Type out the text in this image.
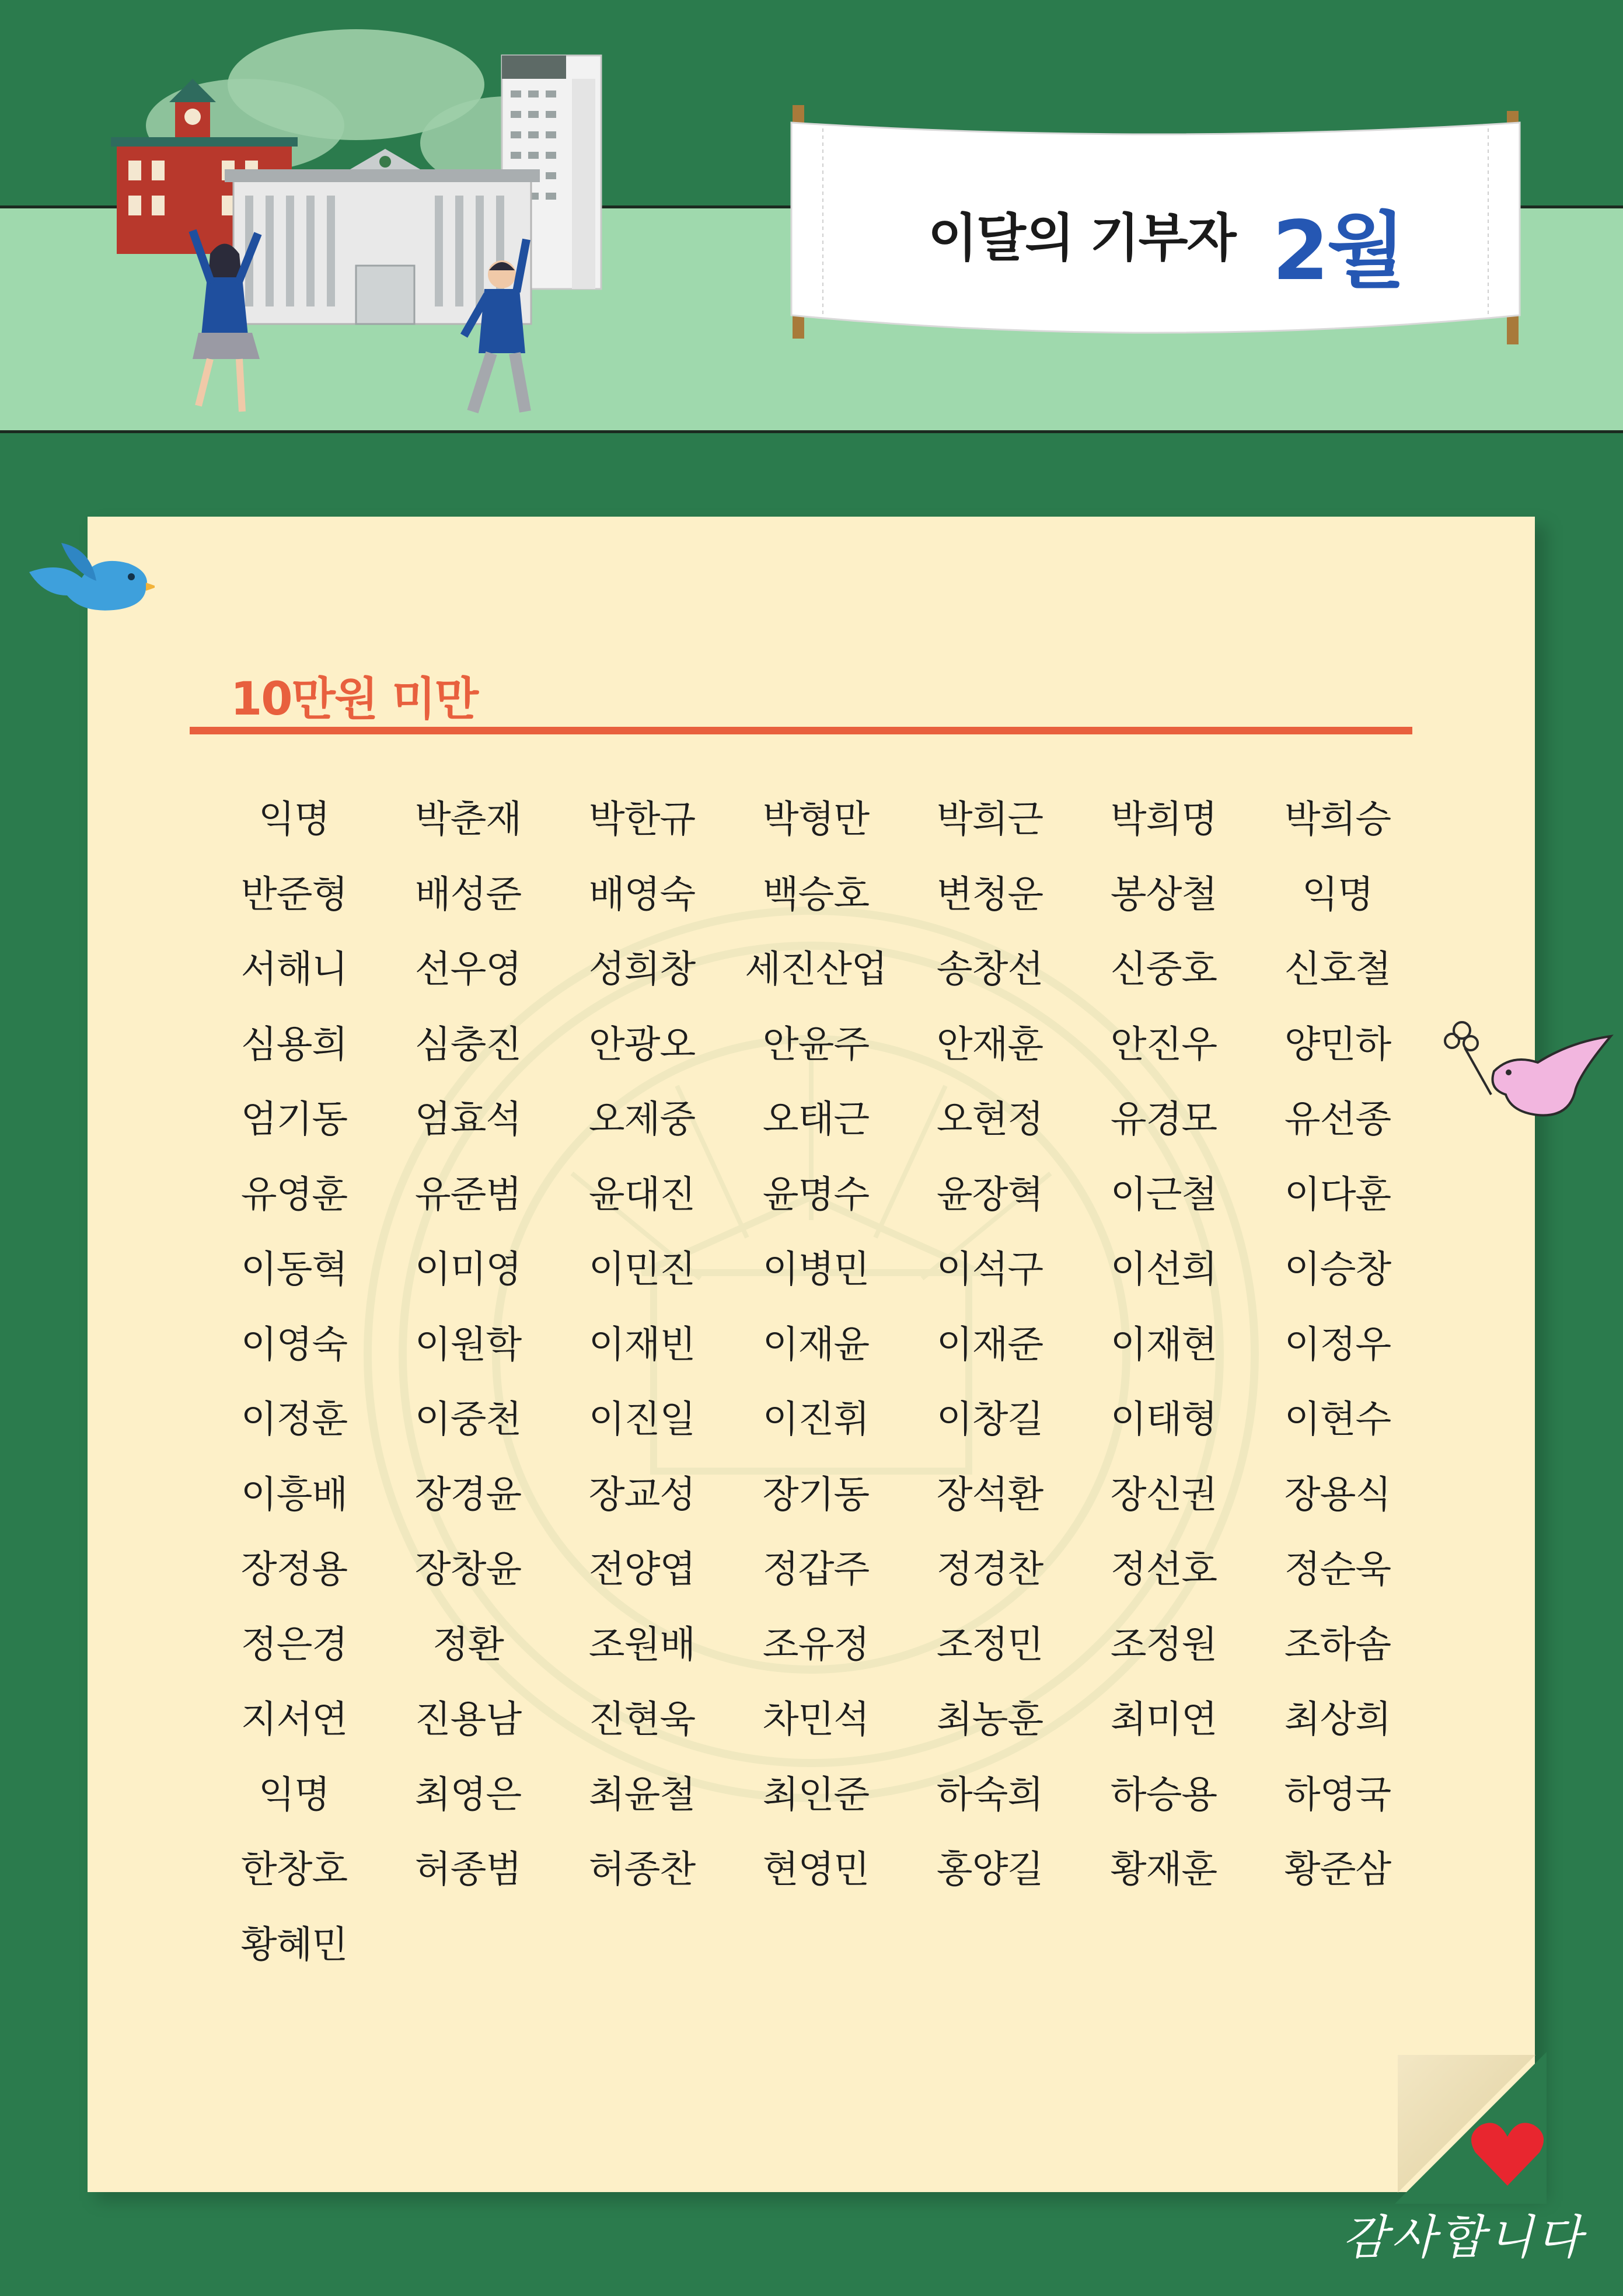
이달의 기부자 2월
10만원 미만
익명	박춘재	박한규	박형만	박희근	박희명	박희승
반준형	배성준	배영숙	백승호	변청운	봉상철	익명
서해니	선우영	성희창	세진산업	송창선	신중호	신호철
심용희	심충진	안광오	안윤주	안재훈	안진우	양민하
엄기동	엄효석	오제중	오태근	오현정	유경모	유선종
유영훈	유준범	윤대진	윤명수	윤장혁	이근철	이다훈
이동혁	이미영	이민진	이병민	이석구	이선희	이승창
이영숙	이원학	이재빈	이재윤	이재준	이재현	이정우
이정훈	이중천	이진일	이진휘	이창길	이태형	이현수
이흥배	장경윤	장교성	장기동	장석환	장신권	장용식
장정용	장창윤	전양엽	정갑주	정경찬	정선호	정순욱
정은경	정환	조원배	조유정	조정민	조정원	조하솜
지서연	진용남	진현욱	차민석	최농훈	최미연	최상희
익명	최영은	최윤철	최인준	하숙희	하승용	하영국
한창호	허종범	허종찬	현영민	홍양길	황재훈	황준삼
황혜민
감사합니다
